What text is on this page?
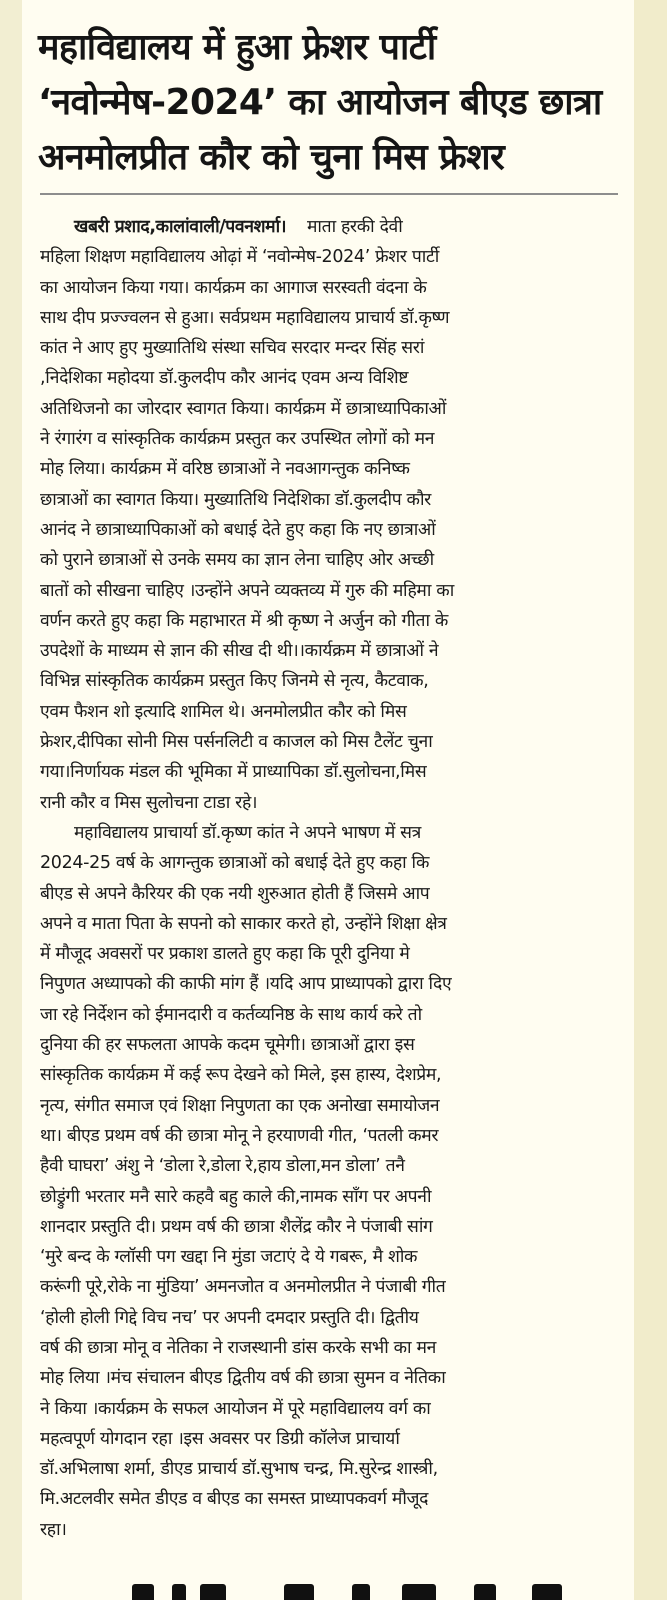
महाविद्यालय में हुआ फ्रेशर पार्टी
‘नवोन्मेष-2024’ का आयोजन बीएड छात्रा
अनमोलप्रीत कौर को चुना मिस फ्रेशर
खबरी प्रशाद,कालांवाली/पवनशर्मा। माता हरकी देवी
महिला शिक्षण महाविद्यालय ओढ़ां में ‘नवोन्मेष-2024’ फ्रेशर पार्टी
का आयोजन किया गया। कार्यक्रम का आगाज सरस्वती वंदना के
साथ दीप प्रज्ज्वलन से हुआ। सर्वप्रथम महाविद्यालय प्राचार्य डॉ.कृष्ण
कांत ने आए हुए मुख्यातिथि संस्था सचिव सरदार मन्दर सिंह सरां
,निदेशिका महोदया डॉ.कुलदीप कौर आनंद एवम अन्य विशिष्ट
अतिथिजनो का जोरदार स्वागत किया। कार्यक्रम में छात्राध्यापिकाओं
ने रंगारंग व सांस्कृतिक कार्यक्रम प्रस्तुत कर उपस्थित लोगों को मन
मोह लिया। कार्यक्रम में वरिष्ठ छात्राओं ने नवआगन्तुक कनिष्क
छात्राओं का स्वागत किया। मुख्यातिथि निदेशिका डॉ.कुलदीप कौर
आनंद ने छात्राध्यापिकाओं को बधाई देते हुए कहा कि नए छात्राओं
को पुराने छात्राओं से उनके समय का ज्ञान लेना चाहिए ओर अच्छी
बातों को सीखना चाहिए ।उन्होंने अपने व्यक्तव्य में गुरु की महिमा का
वर्णन करते हुए कहा कि महाभारत में श्री कृष्ण ने अर्जुन को गीता के
उपदेशों के माध्यम से ज्ञान की सीख दी थी।।कार्यक्रम में छात्राओं ने
विभिन्न सांस्कृतिक कार्यक्रम प्रस्तुत किए जिनमे से नृत्य, कैटवाक,
एवम फैशन शो इत्यादि शामिल थे। अनमोलप्रीत कौर को मिस
फ्रेशर,दीपिका सोनी मिस पर्सनलिटी व काजल को मिस टैलेंट चुना
गया।निर्णायक मंडल की भूमिका में प्राध्यापिका डॉ.सुलोचना,मिस
रानी कौर व मिस सुलोचना टाडा रहे।
महाविद्यालय प्राचार्या डॉ.कृष्ण कांत ने अपने भाषण में सत्र
2024-25 वर्ष के आगन्तुक छात्राओं को बधाई देते हुए कहा कि
बीएड से अपने कैरियर की एक नयी शुरुआत होती हैं जिसमे आप
अपने व माता पिता के सपनो को साकार करते हो, उन्होंने शिक्षा क्षेत्र
में मौजूद अवसरों पर प्रकाश डालते हुए कहा कि पूरी दुनिया मे
निपुणत अध्यापको की काफी मांग हैं ।यदि आप प्राध्यापको द्वारा दिए
जा रहे निर्देशन को ईमानदारी व कर्तव्यनिष्ठ के साथ कार्य करे तो
दुनिया की हर सफलता आपके कदम चूमेगी। छात्राओं द्वारा इस
सांस्कृतिक कार्यक्रम में कई रूप देखने को मिले, इस हास्य, देशप्रेम,
नृत्य, संगीत समाज एवं शिक्षा निपुणता का एक अनोखा समायोजन
था। बीएड प्रथम वर्ष की छात्रा मोनू ने हरयाणवी गीत, ‘पतली कमर
हैवी घाघरा’ अंशु ने ‘डोला रे,डोला रे,हाय डोला,मन डोला’ तनै
छोड्रुंगी भरतार मनै सारे कहवै बहु काले की,नामक सॉंग पर अपनी
शानदार प्रस्तुति दी। प्रथम वर्ष की छात्रा शैलेंद्र कौर ने पंजाबी सांग
‘मुरे बन्द के ग्लॉसी पग खद्दा नि मुंडा जटाएं दे ये गबरू, मै शोक
करूंगी पूरे,रोके ना मुंडिया’ अमनजोत व अनमोलप्रीत ने पंजाबी गीत
‘होली होली गिद्दे विच नच’ पर अपनी दमदार प्रस्तुति दी। द्वितीय
वर्ष की छात्रा मोनू व नेतिका ने राजस्थानी डांस करके सभी का मन
मोह लिया ।मंच संचालन बीएड द्वितीय वर्ष की छात्रा सुमन व नेतिका
ने किया ।कार्यक्रम के सफल आयोजन में पूरे महाविद्यालय वर्ग का
महत्वपूर्ण योगदान रहा ।इस अवसर पर डिग्री कॉलेज प्राचार्या
डॉ.अभिलाषा शर्मा, डीएड प्राचार्य डॉ.सुभाष चन्द्र, मि.सुरेन्द्र शास्त्री,
मि.अटलवीर समेत डीएड व बीएड का समस्त प्राध्यापकवर्ग मौजूद
रहा।
